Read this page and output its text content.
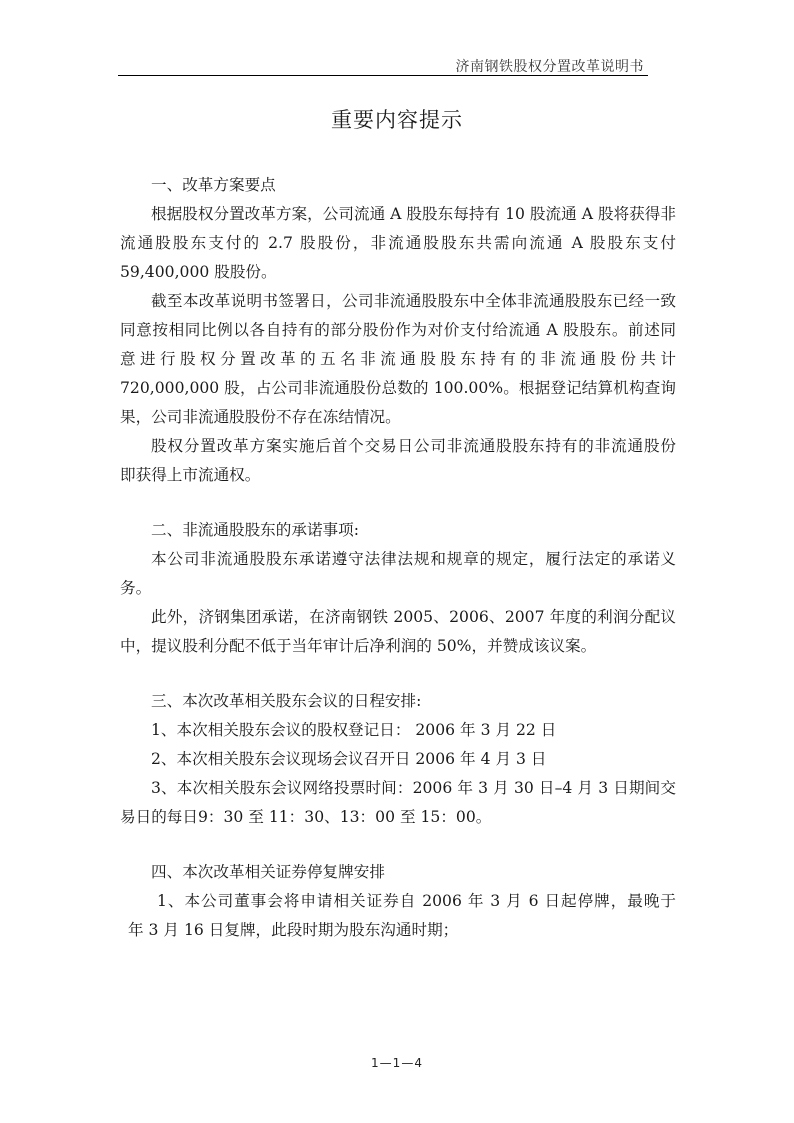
济南钢铁股权分置改革说明书
重要内容提示
一、改革方案要点
根据股权分置改革方案，公司流通 A 股股东每持有 10 股流通 A 股将获得非
流通股股东支付的 2.7 股股份，非流通股股东共需向流通 A 股股东支付
59,400,000 股股份。
截至本改革说明书签署日，公司非流通股股东中全体非流通股股东已经一致
同意按相同比例以各自持有的部分股份作为对价支付给流通 A 股股东。前述同
意进行股权分置改革的五名非流通股股东持有的非流通股份共计
720,000,000 股，占公司非流通股份总数的 100.00%。根据登记结算机构查询
果，公司非流通股股份不存在冻结情况。
股权分置改革方案实施后首个交易日公司非流通股股东持有的非流通股份
即获得上市流通权。
二、非流通股股东的承诺事项:
本公司非流通股股东承诺遵守法律法规和规章的规定，履行法定的承诺义
务。
此外，济钢集团承诺，在济南钢铁 2005、2006、2007 年度的利润分配议
中，提议股利分配不低于当年审计后净利润的 50%，并赞成该议案。
三、本次改革相关股东会议的日程安排:
1、本次相关股东会议的股权登记日： 2006 年 3 月 22 日
2、本次相关股东会议现场会议召开日 2006 年 4 月 3 日
3、本次相关股东会议网络投票时间：2006 年 3 月 30 日–4 月 3 日期间交
易日的每日9：30 至 11：30、13：00 至 15：00。
四、本次改革相关证券停复牌安排
1、本公司董事会将申请相关证券自 2006 年 3 月 6 日起停牌，最晚于
年 3 月 16 日复牌，此段时期为股东沟通时期；
1—1—4
